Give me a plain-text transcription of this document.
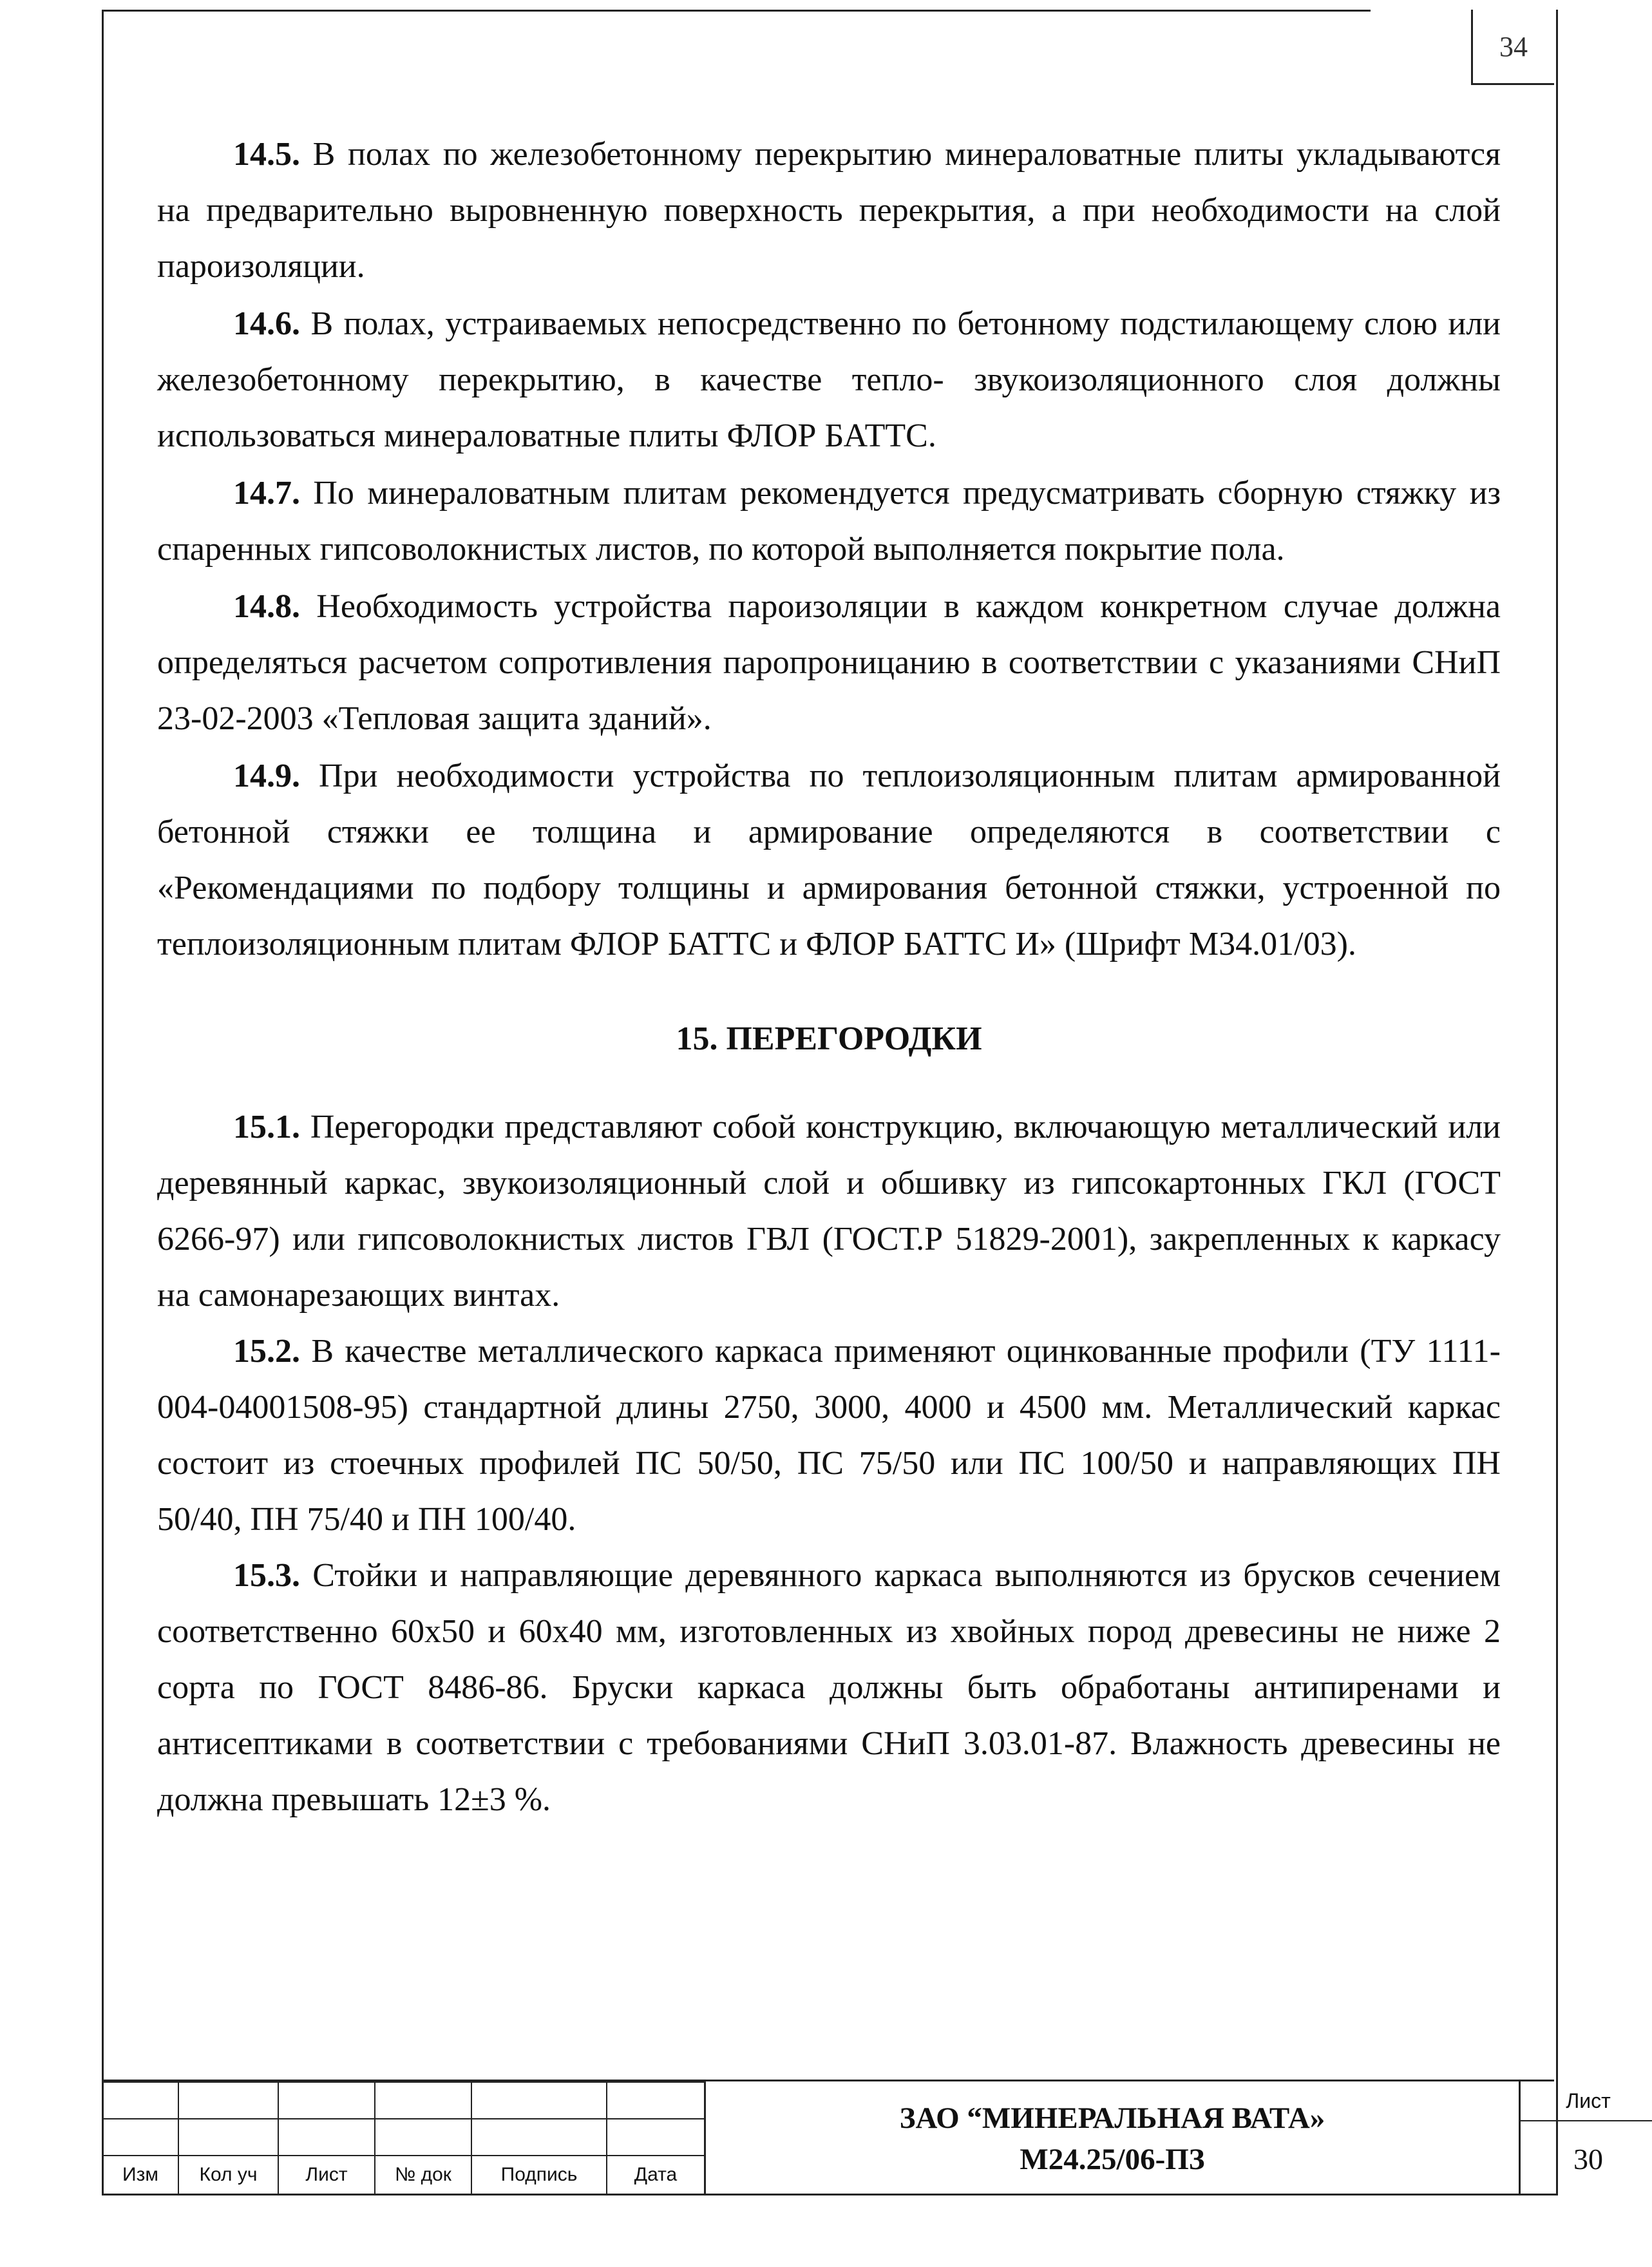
34

14.5. В полах по железобетонному перекрытию минераловатные плиты укладываются на предварительно выровненную поверхность перекрытия, а при необходимости на слой пароизоляции.

14.6. В полах, устраиваемых непосредственно по бетонному подстилающему слою или железобетонному перекрытию, в качестве тепло- звукоизоляционного слоя должны использоваться минераловатные плиты ФЛОР БАТТС.

14.7. По минераловатным плитам рекомендуется предусматривать сборную стяжку из спаренных гипсоволокнистых листов, по которой выполняется покрытие пола.

14.8. Необходимость устройства пароизоляции в каждом конкретном случае должна определяться расчетом сопротивления паропроницанию в соответствии с указаниями СНиП 23-02-2003 «Тепловая защита зданий».

14.9. При необходимости устройства по теплоизоляционным плитам армированной бетонной стяжки ее толщина и армирование определяются в соответствии с «Рекомендациями по подбору толщины и армирования бетонной стяжки, устроенной по теплоизоляционным плитам ФЛОР БАТТС и ФЛОР БАТТС И» (Шрифт М34.01/03).

15. ПЕРЕГОРОДКИ

15.1. Перегородки представляют собой конструкцию, включающую металлический или деревянный каркас, звукоизоляционный слой и обшивку из гипсокартонных ГКЛ (ГОСТ 6266-97) или гипсоволокнистых листов ГВЛ (ГОСТ.Р 51829-2001), закрепленных к каркасу на самонарезающих винтах.

15.2. В качестве металлического каркаса применяют оцинкованные профили (ТУ 1111-004-04001508-95) стандартной длины 2750, 3000, 4000 и 4500 мм. Металлический каркас состоит из стоечных профилей ПС 50/50, ПС 75/50 или ПС 100/50 и направляющих ПН 50/40, ПН 75/40 и ПН 100/40.

15.3. Стойки и направляющие деревянного каркаса выполняются из брусков сечением соответственно 60x50 и 60x40 мм, изготовленных из хвойных пород древесины не ниже 2 сорта по ГОСТ 8486-86. Бруски каркаса должны быть обработаны антипиренами и антисептиками в соответствии с требованиями СНиП 3.03.01-87. Влажность древесины не должна превышать 12±3 %.

Изм	Кол уч	Лист	№ док	Подпись	Дата
ЗАО “МИНЕРАЛЬНАЯ ВАТА»
М24.25/06-ПЗ
Лист
30
